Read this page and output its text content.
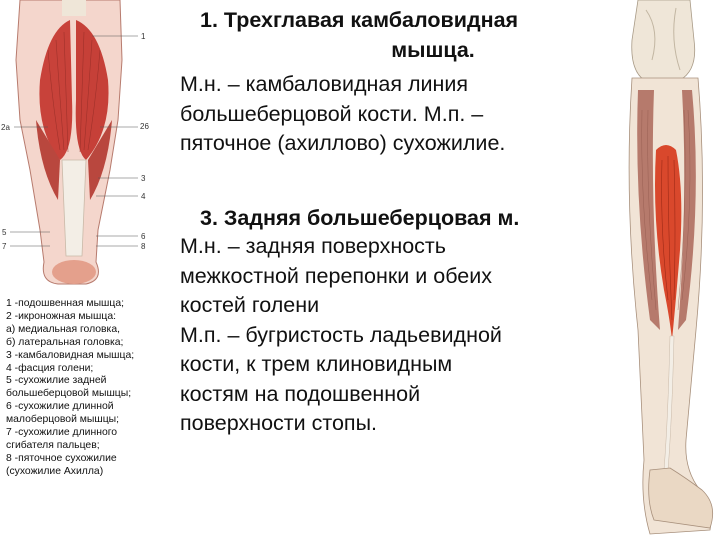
1
2a	26
3
4
5	6
7	8
1 -подошвенная мышца;
2 -икроножная мышца:
а) медиальная головка,
б) латеральная головка;
3 -камбаловидная мышца;
4 -фасция голени;
5 -сухожилие задней
большеберцовой мышцы;
6 -сухожилие длинной
малоберцовой мышцы;
7 -сухожилие длинного
сгибателя пальцев;
8 -пяточное сухожилие
(сухожилие Ахилла)
1. Трехглавая камбаловидная
мышца.
М.н. – камбаловидная линия
большеберцовой кости. М.п. –
пяточное (ахиллово) сухожилие.
3. Задняя большеберцовая м.
М.н. – задняя поверхность
межкостной перепонки и обеих
костей голени
М.п. – бугристость ладьевидной
кости, к трем клиновидным
костям на подошвенной
поверхности стопы.
